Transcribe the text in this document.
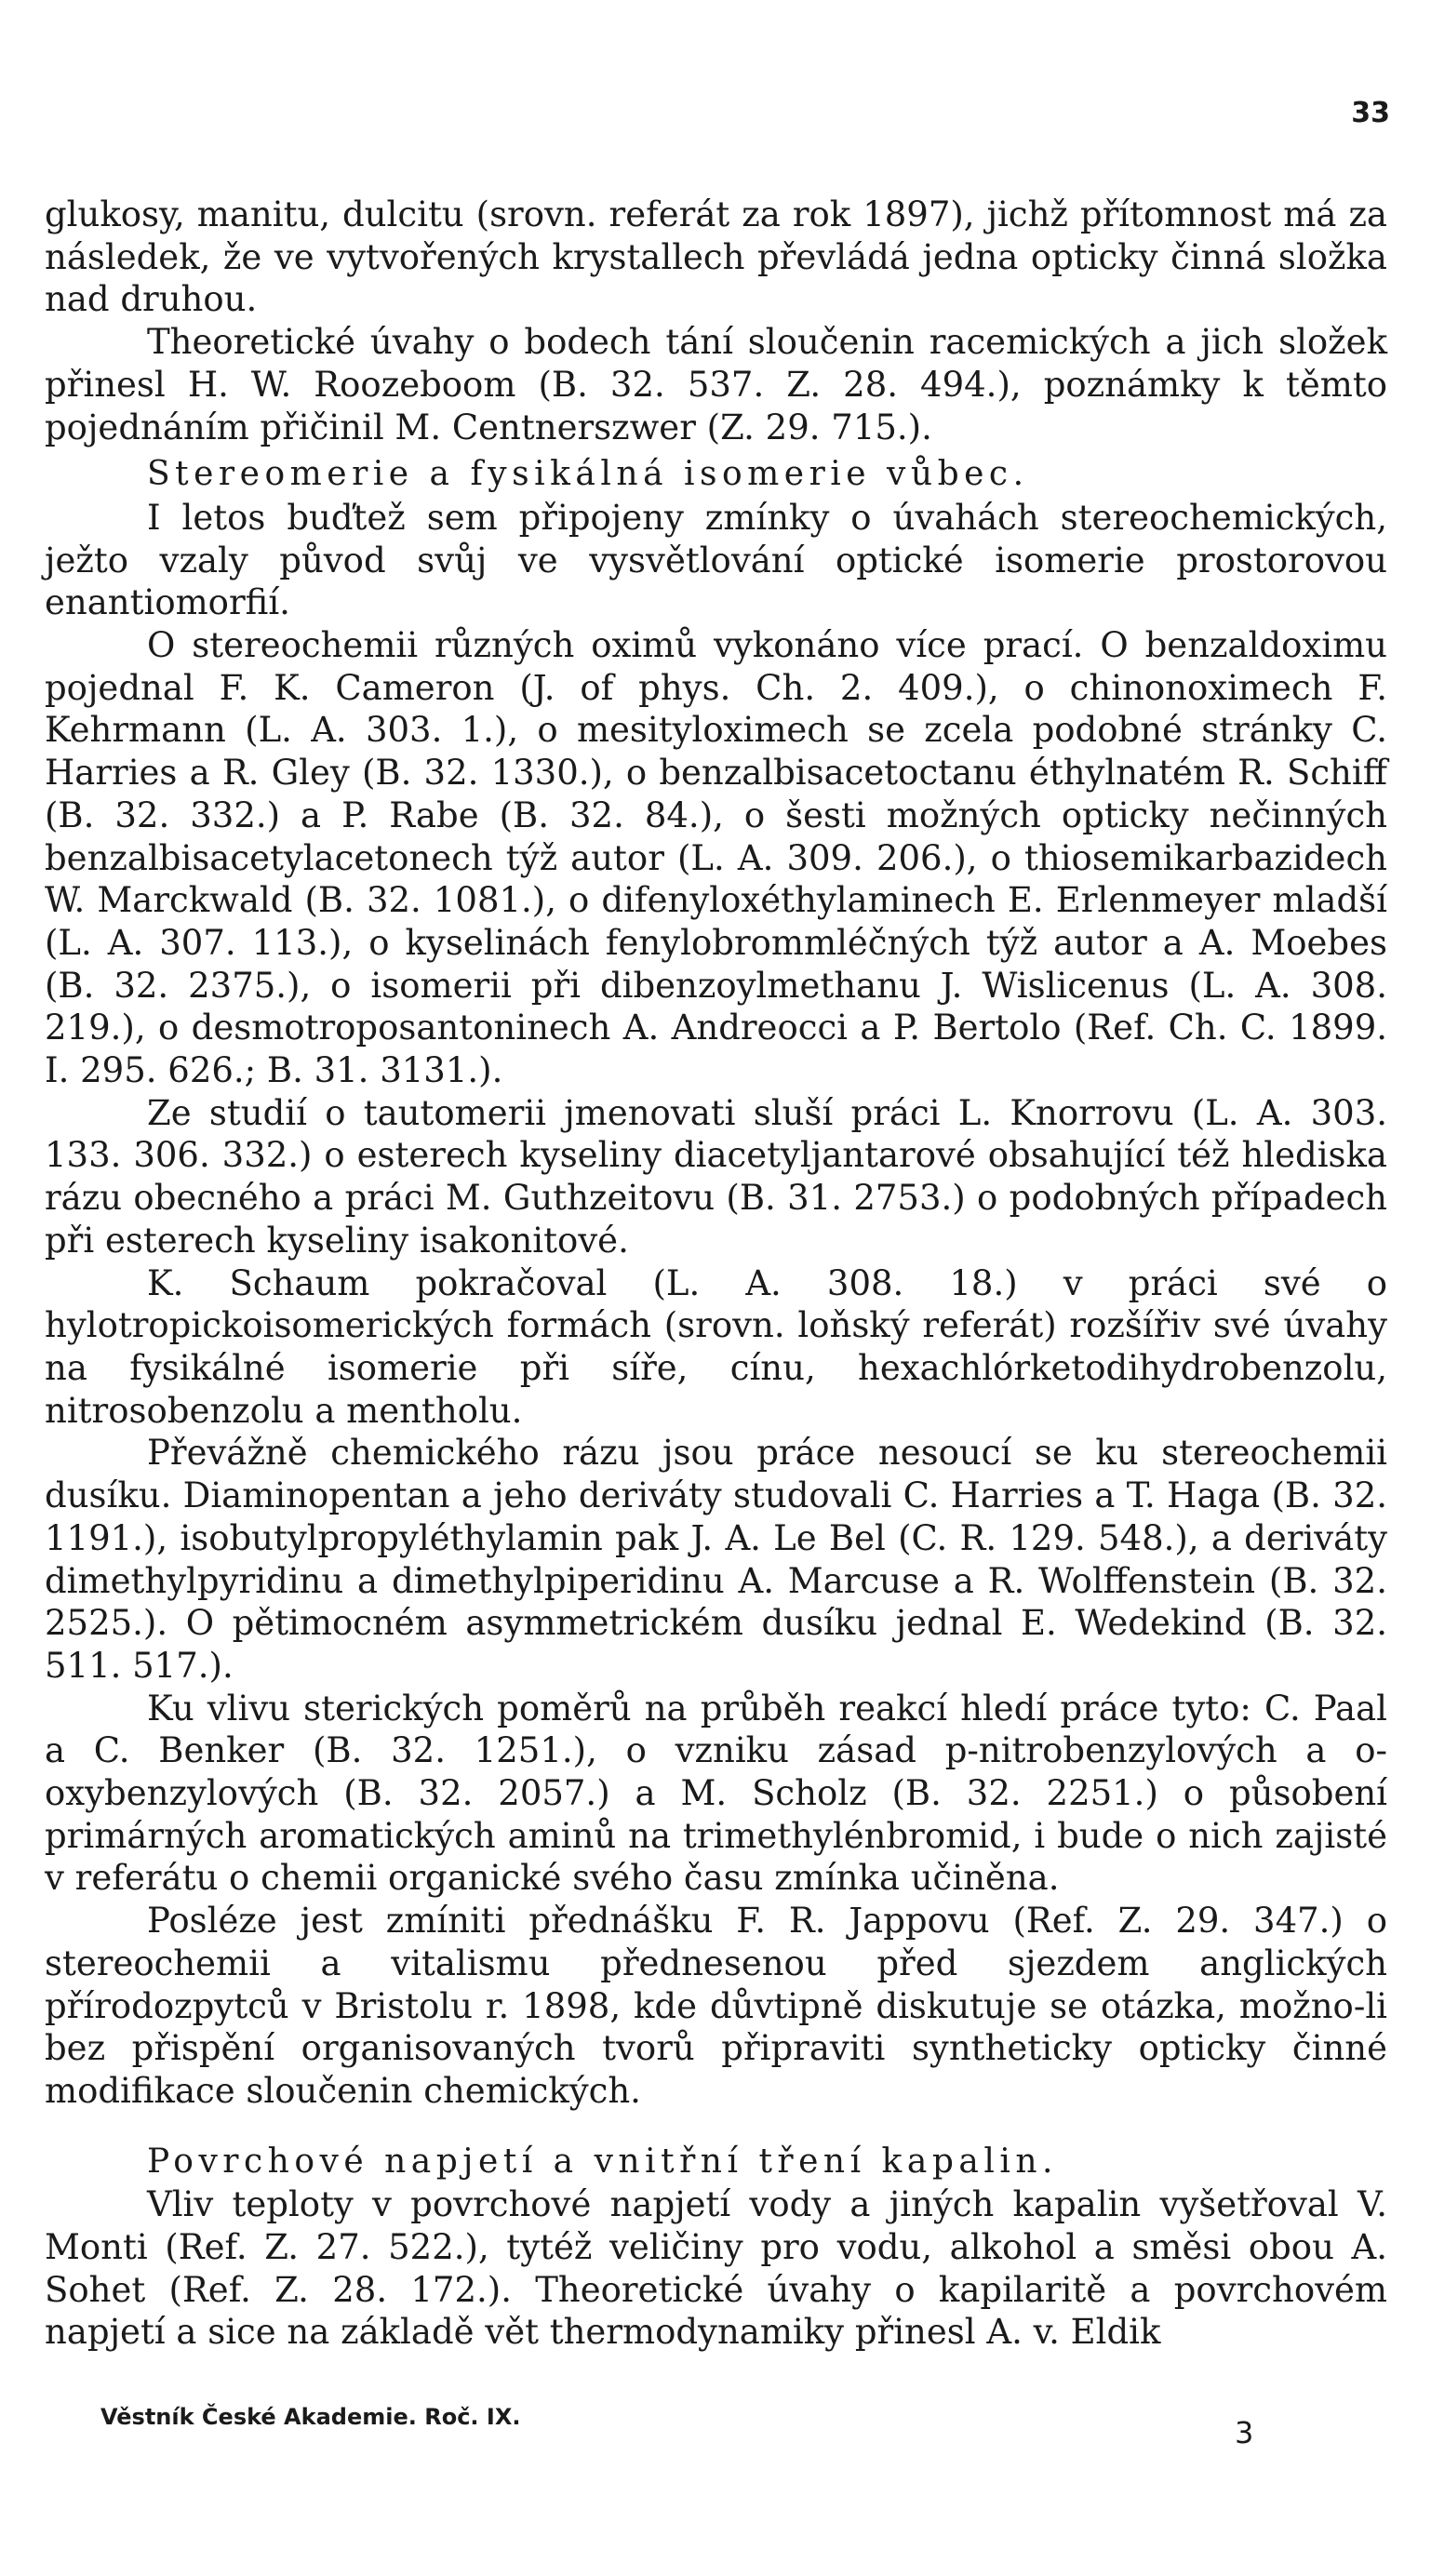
33

glukosy, manitu, dulcitu (srovn. referát za rok 1897), jichž přítomnost má za následek, že ve vytvořených krystallech převládá jedna opticky činná složka nad druhou.

Theoretické úvahy o bodech tání sloučenin racemických a jich složek přinesl H. W. Roozeboom (B. 32. 537. Z. 28. 494.), poznámky k těmto pojednáním přičinil M. Centnerszwer (Z. 29. 715.).

Stereomerie a fysikálná isomerie vůbec.

I letos buďtež sem připojeny zmínky o úvahách stereochemických, ježto vzaly původ svůj ve vysvětlování optické isomerie prostorovou enantiomorfií.

O stereochemii různých oximů vykonáno více prací. O benzaldoximu pojednal F. K. Cameron (J. of phys. Ch. 2. 409.), o chinonoximech F. Kehrmann (L. A. 303. 1.), o mesityloximech se zcela podobné stránky C. Harries a R. Gley (B. 32. 1330.), o benzalbisacetoctanu éthylnatém R. Schiff (B. 32. 332.) a P. Rabe (B. 32. 84.), o šesti možných opticky nečinných benzalbisacetylacetonech týž autor (L. A. 309. 206.), o thiosemikarbazidech W. Marckwald (B. 32. 1081.), o difenyloxéthylaminech E. Erlenmeyer mladší (L. A. 307. 113.), o kyselinách fenylobrommléčných týž autor a A. Moebes (B. 32. 2375.), o isomerii při dibenzoylmethanu J. Wislicenus (L. A. 308. 219.), o desmotroposantoninech A. Andreocci a P. Bertolo (Ref. Ch. C. 1899. I. 295. 626.; B. 31. 3131.).

Ze studií o tautomerii jmenovati sluší práci L. Knorrovu (L. A. 303. 133. 306. 332.) o esterech kyseliny diacetyljantarové obsahující též hlediska rázu obecného a práci M. Guthzeitovu (B. 31. 2753.) o podobných případech při esterech kyseliny isakonitové.

K. Schaum pokračoval (L. A. 308. 18.) v práci své o hylotropickoisomerických formách (srovn. loňský referát) rozšířiv své úvahy na fysikálné isomerie při síře, cínu, hexachlórketodihydrobenzolu, nitrosobenzolu a mentholu.

Převážně chemického rázu jsou práce nesoucí se ku stereochemii dusíku. Diaminopentan a jeho deriváty studovali C. Harries a T. Haga (B. 32. 1191.), isobutylpropyléthylamin pak J. A. Le Bel (C. R. 129. 548.), a deriváty dimethylpyridinu a dimethylpiperidinu A. Marcuse a R. Wolffenstein (B. 32. 2525.). O pětimocném asymmetrickém dusíku jednal E. Wedekind (B. 32. 511. 517.).

Ku vlivu sterických poměrů na průběh reakcí hledí práce tyto: C. Paal a C. Benker (B. 32. 1251.), o vzniku zásad p-nitrobenzylových a o-oxybenzylových (B. 32. 2057.) a M. Scholz (B. 32. 2251.) o působení primárných aromatických aminů na trimethylénbromid, i bude o nich zajisté v referátu o chemii organické svého času zmínka učiněna.

Posléze jest zmíniti přednášku F. R. Jappovu (Ref. Z. 29. 347.) o stereochemii a vitalismu přednesenou před sjezdem anglických přírodozpytců v Bristolu r. 1898, kde důvtipně diskutuje se otázka, možno-li bez přispění organisovaných tvorů připraviti syntheticky opticky činné modifikace sloučenin chemických.

Povrchové napjetí a vnitřní tření kapalin.

Vliv teploty v povrchové napjetí vody a jiných kapalin vyšetřoval V. Monti (Ref. Z. 27. 522.), tytéž veličiny pro vodu, alkohol a směsi obou A. Sohet (Ref. Z. 28. 172.). Theoretické úvahy o kapilaritě a povrchovém napjetí a sice na základě vět thermodynamiky přinesl A. v. Eldik

Věstník České Akademie. Roč. IX.	3
